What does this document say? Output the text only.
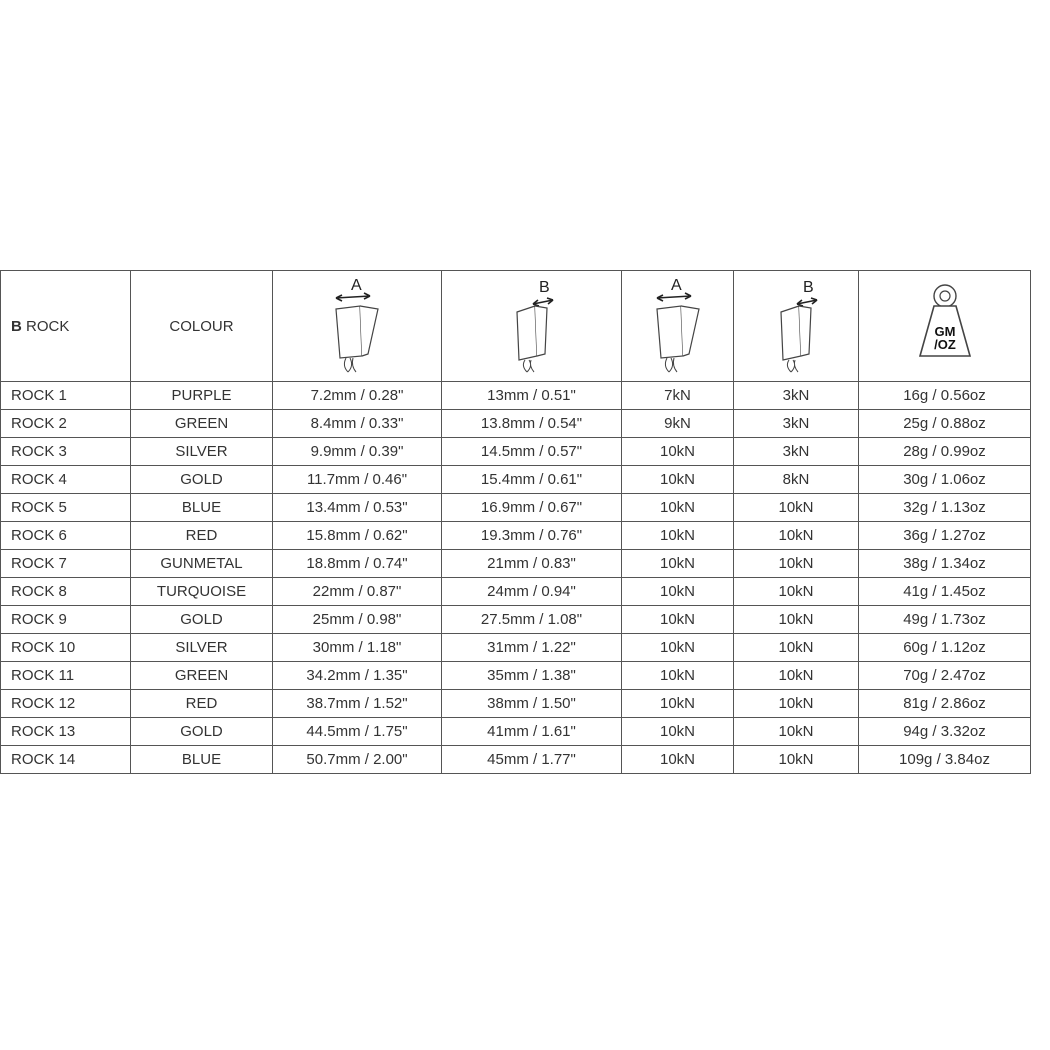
B ROCK	COLOUR	A	B	A	B	GM
/OZ

ROCK 1	PURPLE	7.2mm / 0.28"	13mm / 0.51"	7kN	3kN	16g / 0.56oz
ROCK 2	GREEN	8.4mm / 0.33"	13.8mm / 0.54"	9kN	3kN	25g / 0.88oz
ROCK 3	SILVER	9.9mm / 0.39"	14.5mm / 0.57"	10kN	3kN	28g / 0.99oz
ROCK 4	GOLD	11.7mm / 0.46"	15.4mm / 0.61"	10kN	8kN	30g / 1.06oz
ROCK 5	BLUE	13.4mm / 0.53"	16.9mm / 0.67"	10kN	10kN	32g / 1.13oz
ROCK 6	RED	15.8mm / 0.62"	19.3mm / 0.76"	10kN	10kN	36g / 1.27oz
ROCK 7	GUNMETAL	18.8mm / 0.74"	21mm / 0.83"	10kN	10kN	38g / 1.34oz
ROCK 8	TURQUOISE	22mm / 0.87"	24mm / 0.94"	10kN	10kN	41g / 1.45oz
ROCK 9	GOLD	25mm / 0.98"	27.5mm / 1.08"	10kN	10kN	49g / 1.73oz
ROCK 10	SILVER	30mm / 1.18"	31mm / 1.22"	10kN	10kN	60g / 1.12oz
ROCK 11	GREEN	34.2mm / 1.35"	35mm / 1.38"	10kN	10kN	70g / 2.47oz
ROCK 12	RED	38.7mm / 1.52"	38mm / 1.50"	10kN	10kN	81g / 2.86oz
ROCK 13	GOLD	44.5mm / 1.75"	41mm / 1.61"	10kN	10kN	94g / 3.32oz
ROCK 14	BLUE	50.7mm / 2.00"	45mm / 1.77"	10kN	10kN	109g / 3.84oz
